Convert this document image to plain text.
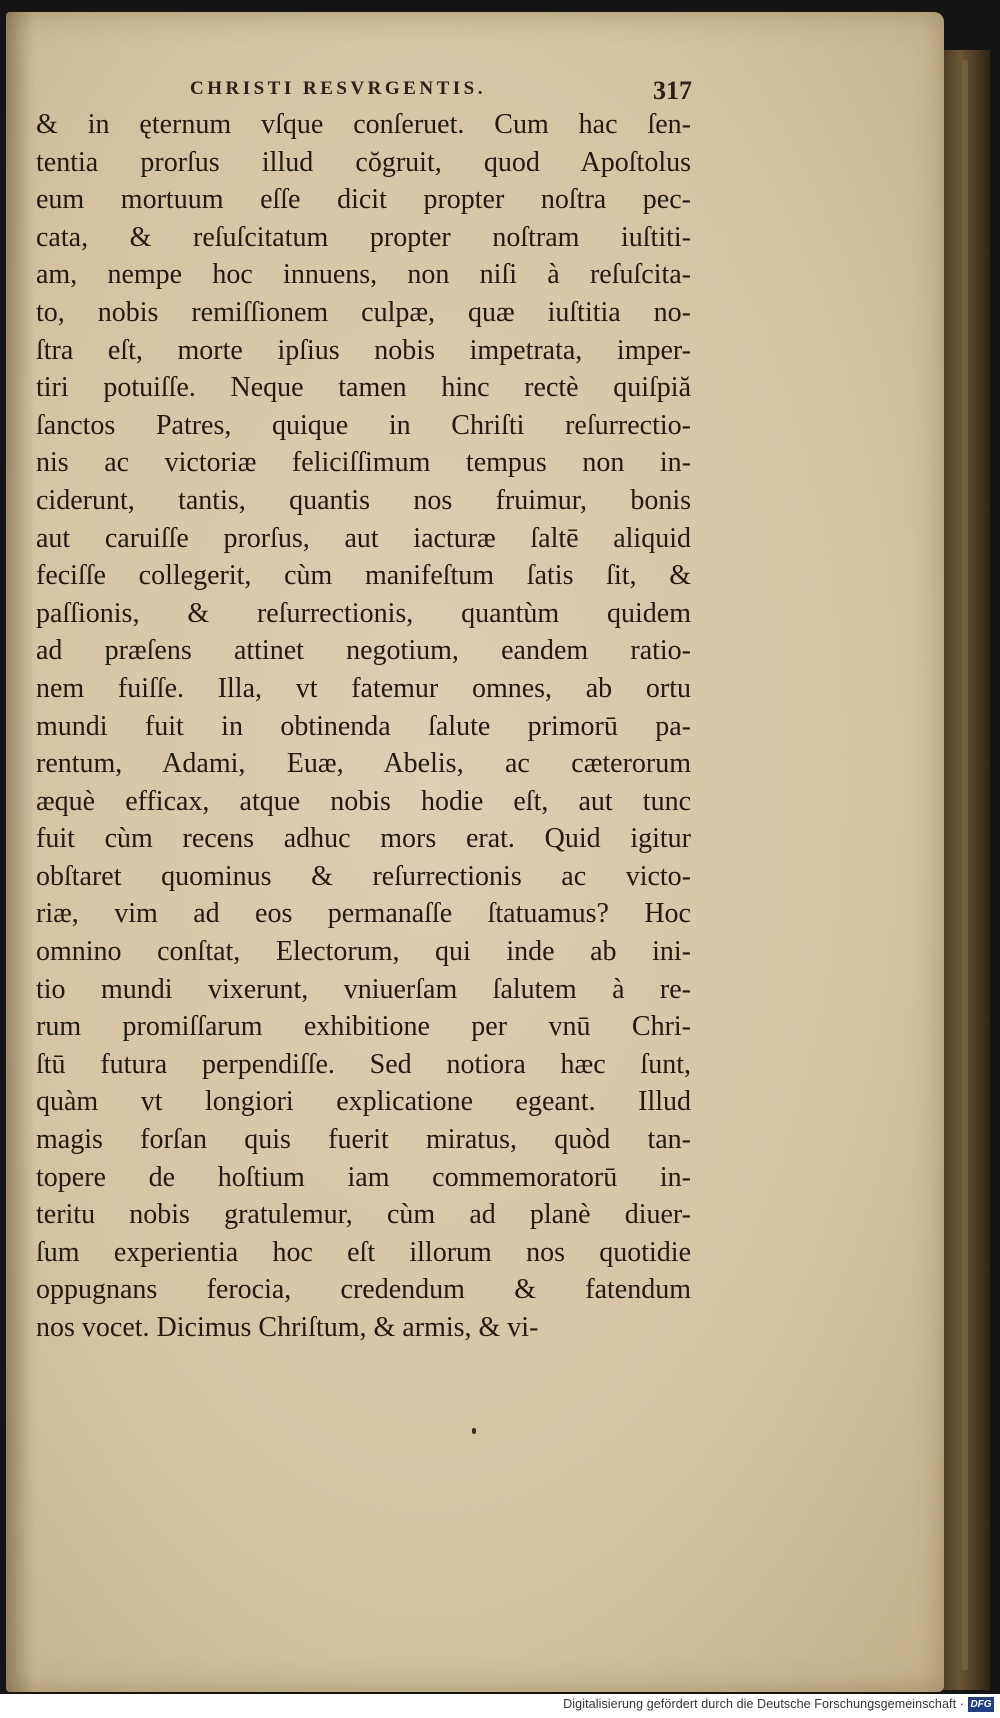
CHRISTI RESVRGENTIS.	317
& in ęternum vſque conſeruet. Cum hac ſen-
tentia prorſus illud cŏgruit, quod Apoſtolus
eum mortuum eſſe dicit propter noſtra pec-
cata, & reſuſcitatum propter noſtram iuſtiti-
am, nempe hoc innuens, non niſi à reſuſcita-
to, nobis remiſſionem culpæ, quæ iuſtitia no-
ſtra eſt, morte ipſius nobis impetrata, imper-
tiri potuiſſe. Neque tamen hinc rectè quiſpiă
ſanctos Patres, quique in Chriſti reſurrectio-
nis ac victoriæ feliciſſimum tempus non in-
ciderunt, tantis, quantis nos fruimur, bonis
aut caruiſſe prorſus, aut iacturæ ſaltē aliquid
feciſſe collegerit, cùm manifeſtum ſatis ſit, &
paſſionis, & reſurrectionis, quantùm quidem
ad præſens attinet negotium, eandem ratio-
nem fuiſſe. Illa, vt fatemur omnes, ab ortu
mundi fuit in obtinenda ſalute primorū pa-
rentum, Adami, Euæ, Abelis, ac cæterorum
æquè efficax, atque nobis hodie eſt, aut tunc
fuit cùm recens adhuc mors erat. Quid igitur
obſtaret quominus & reſurrectionis ac victo-
riæ, vim ad eos permanaſſe ſtatuamus? Hoc
omnino conſtat, Electorum, qui inde ab ini-
tio mundi vixerunt, vniuerſam ſalutem à re-
rum promiſſarum exhibitione per vnū Chri-
ſtū futura perpendiſſe. Sed notiora hæc ſunt,
quàm vt longiori explicatione egeant. Illud
magis forſan quis fuerit miratus, quòd tan-
topere de hoſtium iam commemoratorū in-
teritu nobis gratulemur, cùm ad planè diuer-
ſum experientia hoc eſt illorum nos quotidie
oppugnans ferocia, credendum & fatendum
nos vocet. Dicimus Chriſtum, & armis, & vi-
Digitalisierung gefördert durch die Deutsche Forschungsgemeinschaft · DFG
